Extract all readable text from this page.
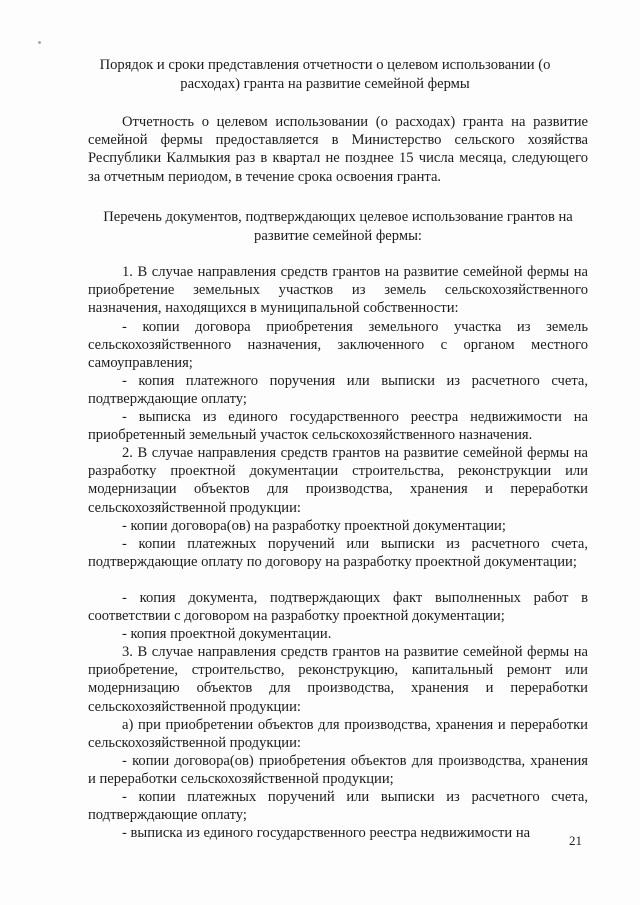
Порядок и сроки представления отчетности о целевом использовании (о
расходах) гранта на развитие семейной фермы
Отчетность о целевом использовании (о расходах) гранта на развитие семейной фермы предоставляется в Министерство сельского хозяйства Республики Калмыкия раз в квартал не позднее 15 числа месяца, следующего за отчетным периодом, в течение срока освоения гранта.
Перечень документов, подтверждающих целевое использование грантов на
развитие семейной фермы:
1. В случае направления средств грантов на развитие семейной фермы на приобретение земельных участков из земель сельскохозяйственного назначения, находящихся в муниципальной собственности:
- копии договора приобретения земельного участка из земель сельскохозяйственного назначения, заключенного с органом местного самоуправления;
- копия платежного поручения или выписки из расчетного счета, подтверждающие оплату;
- выписка из единого государственного реестра недвижимости на приобретенный земельный участок сельскохозяйственного назначения.
2. В случае направления средств грантов на развитие семейной фермы на разработку проектной документации строительства, реконструкции или модернизации объектов для производства, хранения и переработки сельскохозяйственной продукции:
- копии договора(ов) на разработку проектной документации;
- копии платежных поручений или выписки из расчетного счета, подтверждающие оплату по договору на разработку проектной документации;
- копия документа, подтверждающих факт выполненных работ в соответствии с договором на разработку проектной документации;
- копия проектной документации.
3. В случае направления средств грантов на развитие семейной фермы на приобретение, строительство, реконструкцию, капитальный ремонт или модернизацию объектов для производства, хранения и переработки сельскохозяйственной продукции:
а) при приобретении объектов для производства, хранения и переработки сельскохозяйственной продукции:
- копии договора(ов) приобретения объектов для производства, хранения и переработки сельскохозяйственной продукции;
- копии платежных поручений или выписки из расчетного счета, подтверждающие оплату;
- выписка из единого государственного реестра недвижимости на	21
